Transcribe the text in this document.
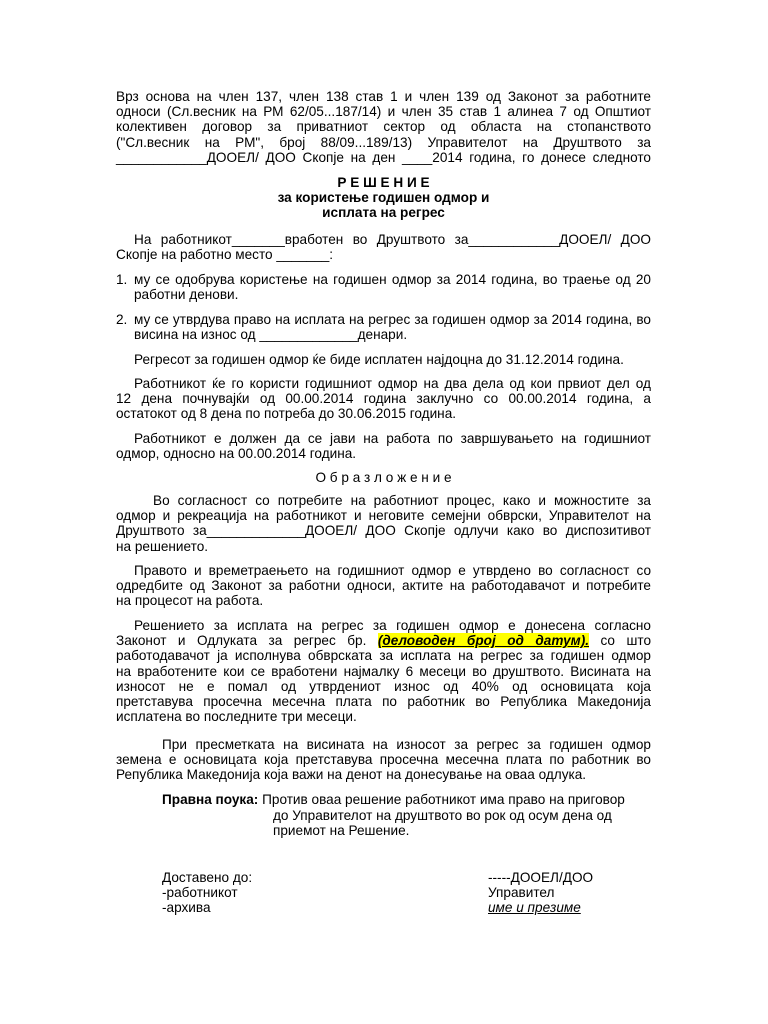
Врз основа на член 137, член 138 став 1 и член 139 од Законот за работните
односи (Сл.весник на РМ 62/05...187/14) и член 35 став 1 алинеа 7 од Општиот
колективен договор за приватниот сектор од областа на стопанството
("Сл.весник на РМ", број 88/09...189/13) Управителот на Друштвото за
____________ДООЕЛ/ ДОО Скопје на ден ____2014 година, го донесе следното
Р Е Ш Е Н И Е
за користење годишен одмор и
исплата на регрес
На работникот_______вработен во Друштвото за____________ДООЕЛ/ ДОО
Скопје на работно место _______:
1. му се одобрува користење на годишен одмор за 2014 година, во траење од 20 работни денови.
2. му се утврдува право на исплата на регрес за годишен одмор за 2014 година, во висина на износ од _____________денари.
Регресот за годишен одмор ќе биде исплатен најдоцна до 31.12.2014 година.
Работникот ќе го користи годишниот одмор на два дела од кои првиот дел од
12 дена почнувајќи од 00.00.2014 година заклучно со 00.00.2014 година, а
остатокот од 8 дена по потреба до 30.06.2015 година.
Работникот е должен да се јави на работа по завршувањето на годишниот
одмор, односно на 00.00.2014 година.
О б р а з л о ж е н и е
Во согласност со потребите на работниот процес, како и можностите за
одмор и рекреација на работникот и неговите семејни обврски, Управителот на
Друштвото за_____________ДООЕЛ/ ДОО Скопје одлучи како во диспозитивот
на решението.
Правото и времетраењето на годишниот одмор е утврдено во согласност со
одредбите од Законот за работни односи, актите на работодавачот и потребите
на процесот на работа.
Решението за исплата на регрес за годишен одмор е донесена согласно
Законот и Одлуката за регрес бр. (деловоден број од датум). со што
работодавачот ја исполнува обврската за исплата на регрес за годишен одмор
на вработените кои се вработени најмалку 6 месеци во друштвото. Висината на
износот не е помал од утврдениот износ од 40% од основицата која
претставува просечна месечна плата по работник во Република Македонија
исплатена во последните три месеци.
При пресметката на висината на износот за регрес за годишен одмор
земена е основицата која претставува просечна месечна плата по работник во
Република Македонија која важи на денот на донесување на оваа одлука.
Правна поука: Против оваа решение работникот има право на приговор
до Управителот на друштвото во рок од осум дена од
приемот на Решение.
Доставено до:
-работникот
-архива
-----ДООЕЛ/ДОО
Управител
име и презиме
